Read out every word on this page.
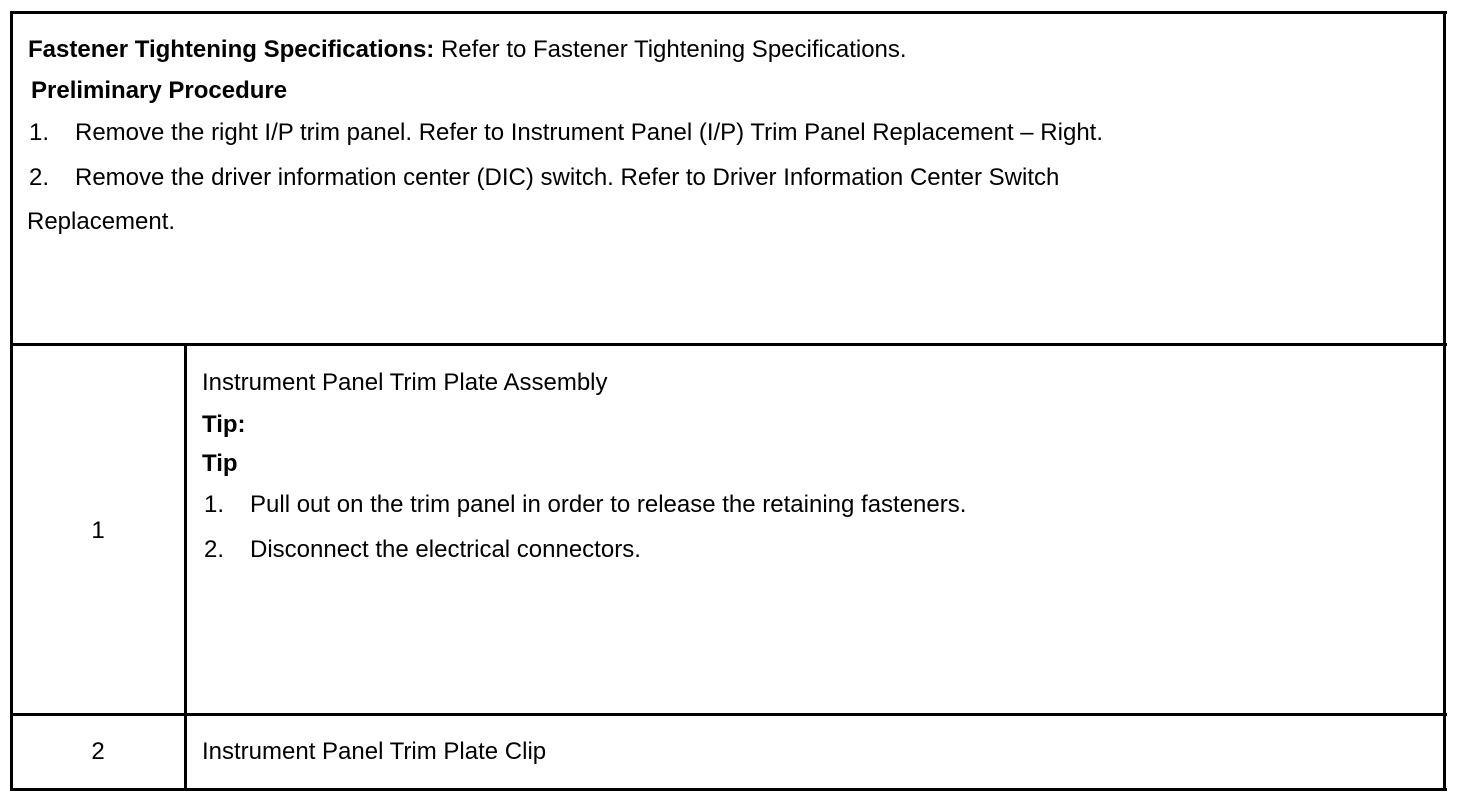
Fastener Tightening Specifications: Refer to Fastener Tightening Specifications.
Preliminary Procedure
1. Remove the right I/P trim panel. Refer to Instrument Panel (I/P) Trim Panel Replacement – Right.
2. Remove the driver information center (DIC) switch. Refer to Driver Information Center Switch
Replacement.
1
Instrument Panel Trim Plate Assembly
Tip:
Tip
1. Pull out on the trim panel in order to release the retaining fasteners.
2. Disconnect the electrical connectors.
2	Instrument Panel Trim Plate Clip
